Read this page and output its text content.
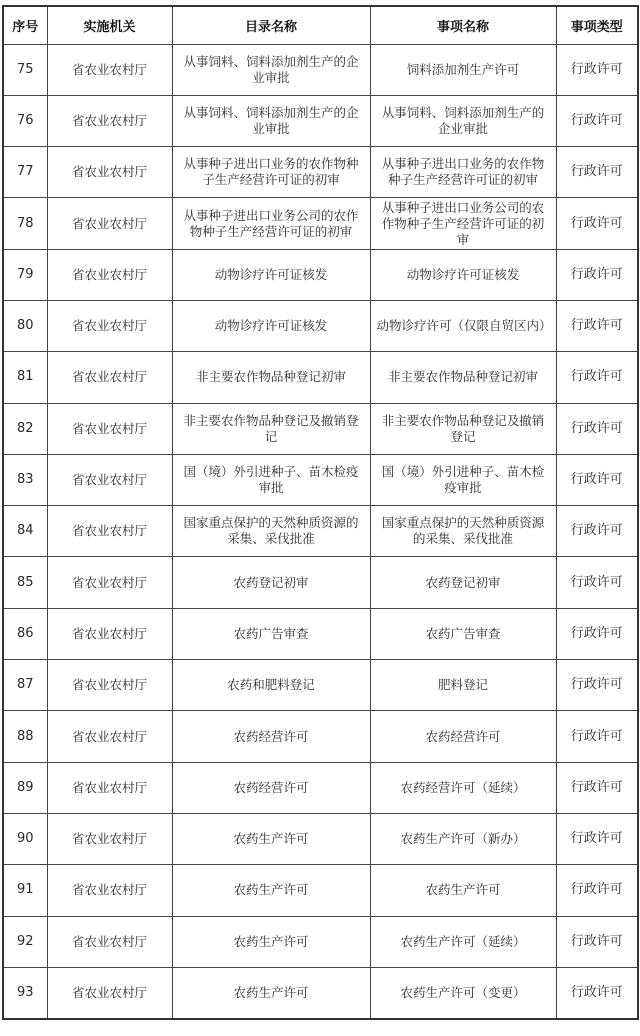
序号	实施机关	目录名称	事项名称	事项类型
75	省农业农村厅	从事饲料、饲料添加剂生产的企业审批	饲料添加剂生产许可	行政许可
76	省农业农村厅	从事饲料、饲料添加剂生产的企业审批	从事饲料、饲料添加剂生产的企业审批	行政许可
77	省农业农村厅	从事种子进出口业务的农作物种子生产经营许可证的初审	从事种子进出口业务的农作物种子生产经营许可证的初审	行政许可
78	省农业农村厅	从事种子进出口业务公司的农作物种子生产经营许可证的初审	从事种子进出口业务公司的农作物种子生产经营许可证的初审	行政许可
79	省农业农村厅	动物诊疗许可证核发	动物诊疗许可证核发	行政许可
80	省农业农村厅	动物诊疗许可证核发	动物诊疗许可（仅限自贸区内）	行政许可
81	省农业农村厅	非主要农作物品种登记初审	非主要农作物品种登记初审	行政许可
82	省农业农村厅	非主要农作物品种登记及撤销登记	非主要农作物品种登记及撤销登记	行政许可
83	省农业农村厅	国（境）外引进种子、苗木检疫审批	国（境）外引进种子、苗木检疫审批	行政许可
84	省农业农村厅	国家重点保护的天然种质资源的采集、采伐批准	国家重点保护的天然种质资源的采集、采伐批准	行政许可
85	省农业农村厅	农药登记初审	农药登记初审	行政许可
86	省农业农村厅	农药广告审查	农药广告审查	行政许可
87	省农业农村厅	农药和肥料登记	肥料登记	行政许可
88	省农业农村厅	农药经营许可	农药经营许可	行政许可
89	省农业农村厅	农药经营许可	农药经营许可（延续）	行政许可
90	省农业农村厅	农药生产许可	农药生产许可（新办）	行政许可
91	省农业农村厅	农药生产许可	农药生产许可	行政许可
92	省农业农村厅	农药生产许可	农药生产许可（延续）	行政许可
93	省农业农村厅	农药生产许可	农药生产许可（变更）	行政许可
